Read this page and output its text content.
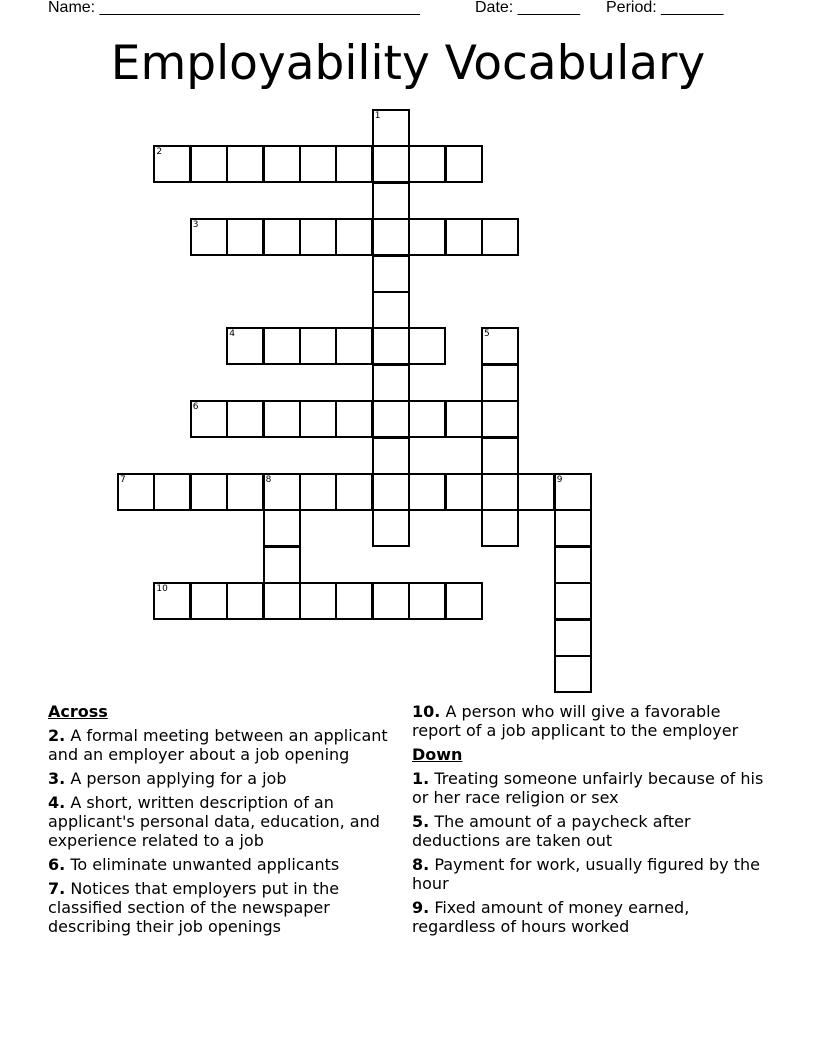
Name: ____________________________________	Date: _______ Period: _______
Employability Vocabulary
1
2
3
4	5
6
7	8	9
10
Across
2. A formal meeting between an applicant and an employer about a job opening
3. A person applying for a job
4. A short, written description of an applicant's personal data, education, and experience related to a job
6. To eliminate unwanted applicants
7. Notices that employers put in the classified section of the newspaper describing their job openings
10. A person who will give a favorable report of a job applicant to the employer
Down
1. Treating someone unfairly because of his or her race religion or sex
5. The amount of a paycheck after deductions are taken out
8. Payment for work, usually figured by the hour
9. Fixed amount of money earned, regardless of hours worked
